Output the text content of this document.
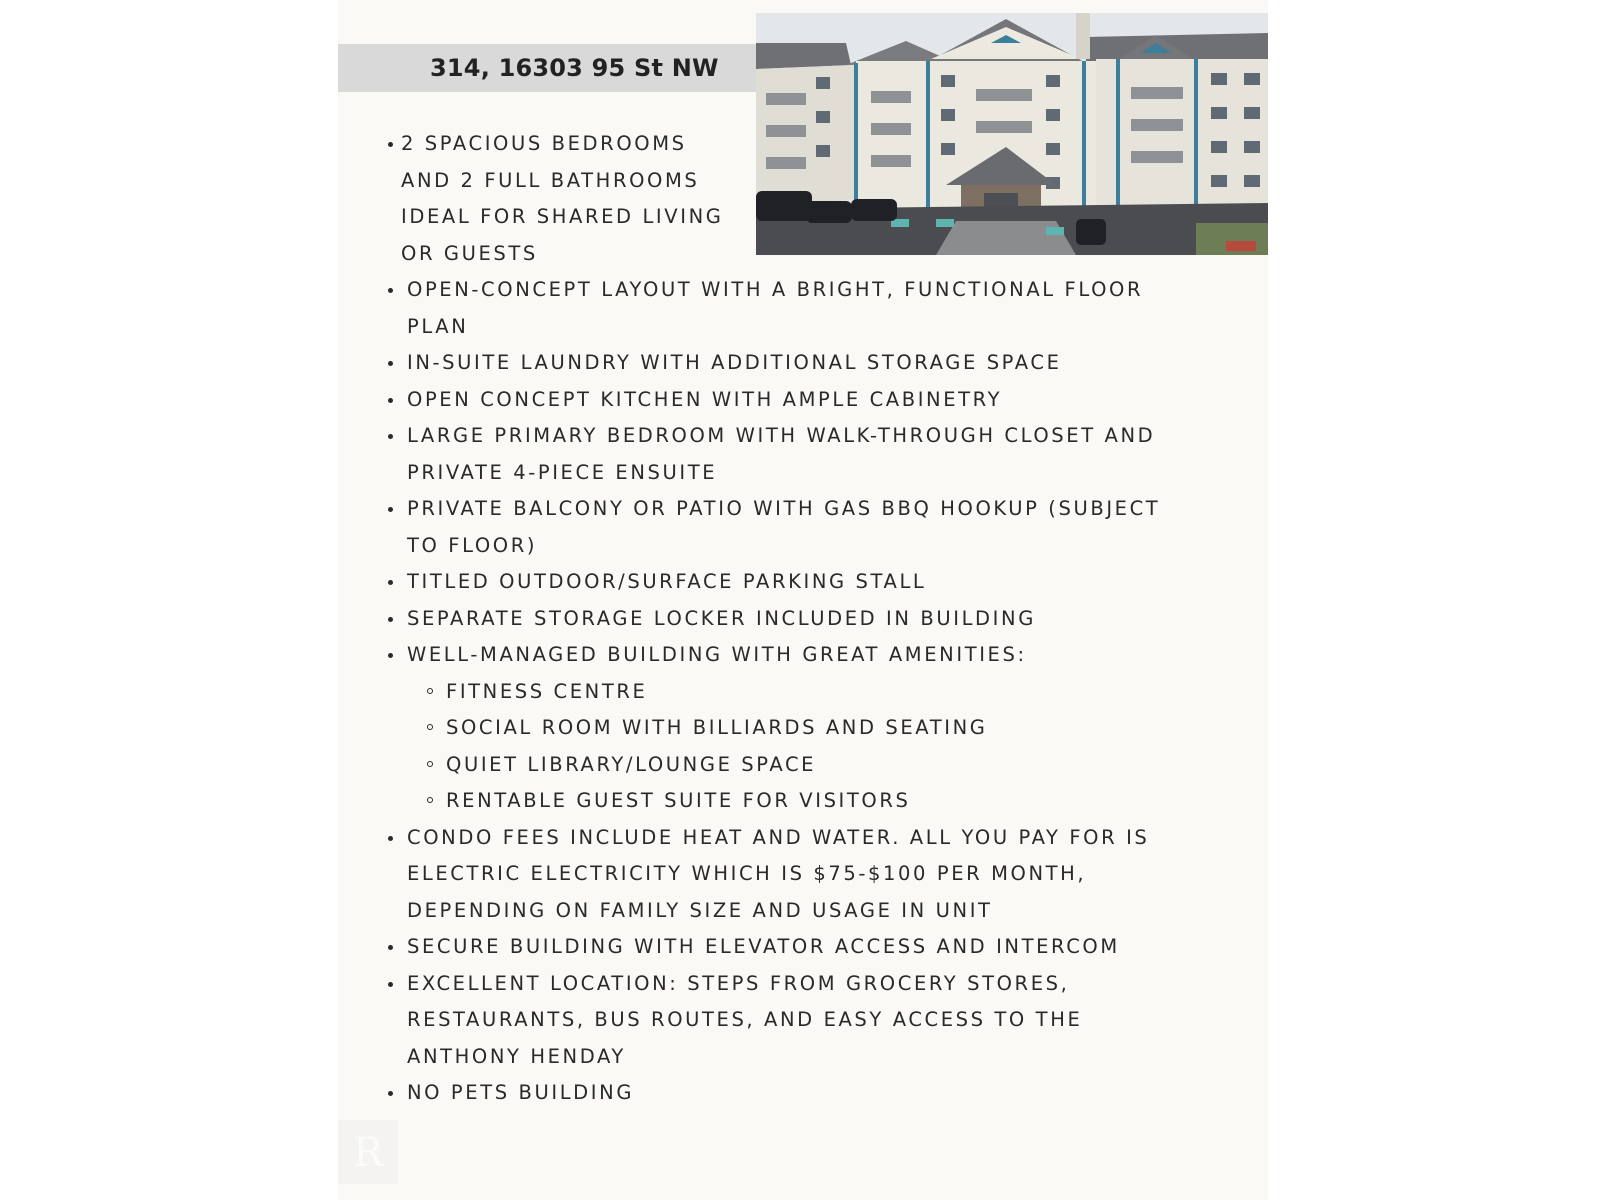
314, 16303 95 St NW
2 SPACIOUS BEDROOMS
AND 2 FULL BATHROOMS
IDEAL FOR SHARED LIVING
OR GUESTS
OPEN-CONCEPT LAYOUT WITH A BRIGHT, FUNCTIONAL FLOOR
PLAN
IN-SUITE LAUNDRY WITH ADDITIONAL STORAGE SPACE
OPEN CONCEPT KITCHEN WITH AMPLE CABINETRY
LARGE PRIMARY BEDROOM WITH WALK-THROUGH CLOSET AND
PRIVATE 4-PIECE ENSUITE
PRIVATE BALCONY OR PATIO WITH GAS BBQ HOOKUP (SUBJECT
TO FLOOR)
TITLED OUTDOOR/SURFACE PARKING STALL
SEPARATE STORAGE LOCKER INCLUDED IN BUILDING
WELL-MANAGED BUILDING WITH GREAT AMENITIES:
FITNESS CENTRE
SOCIAL ROOM WITH BILLIARDS AND SEATING
QUIET LIBRARY/LOUNGE SPACE
RENTABLE GUEST SUITE FOR VISITORS
CONDO FEES INCLUDE HEAT AND WATER. ALL YOU PAY FOR IS
ELECTRIC ELECTRICITY WHICH IS $75-$100 PER MONTH,
DEPENDING ON FAMILY SIZE AND USAGE IN UNIT
SECURE BUILDING WITH ELEVATOR ACCESS AND INTERCOM
EXCELLENT LOCATION: STEPS FROM GROCERY STORES,
RESTAURANTS, BUS ROUTES, AND EASY ACCESS TO THE
ANTHONY HENDAY
NO PETS BUILDING
R
